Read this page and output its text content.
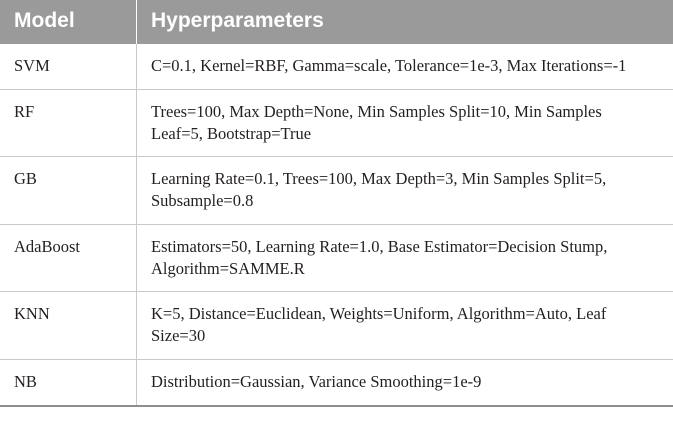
Model	Hyperparameters
SVM	C=0.1, Kernel=RBF, Gamma=scale, Tolerance=1e-3, Max Iterations=-1
RF	Trees=100, Max Depth=None, Min Samples Split=10, Min Samples Leaf=5, Bootstrap=True
GB	Learning Rate=0.1, Trees=100, Max Depth=3, Min Samples Split=5, Subsample=0.8
AdaBoost	Estimators=50, Learning Rate=1.0, Base Estimator=Decision Stump, Algorithm=SAMME.R
KNN	K=5, Distance=Euclidean, Weights=Uniform, Algorithm=Auto, Leaf Size=30
NB	Distribution=Gaussian, Variance Smoothing=1e-9
